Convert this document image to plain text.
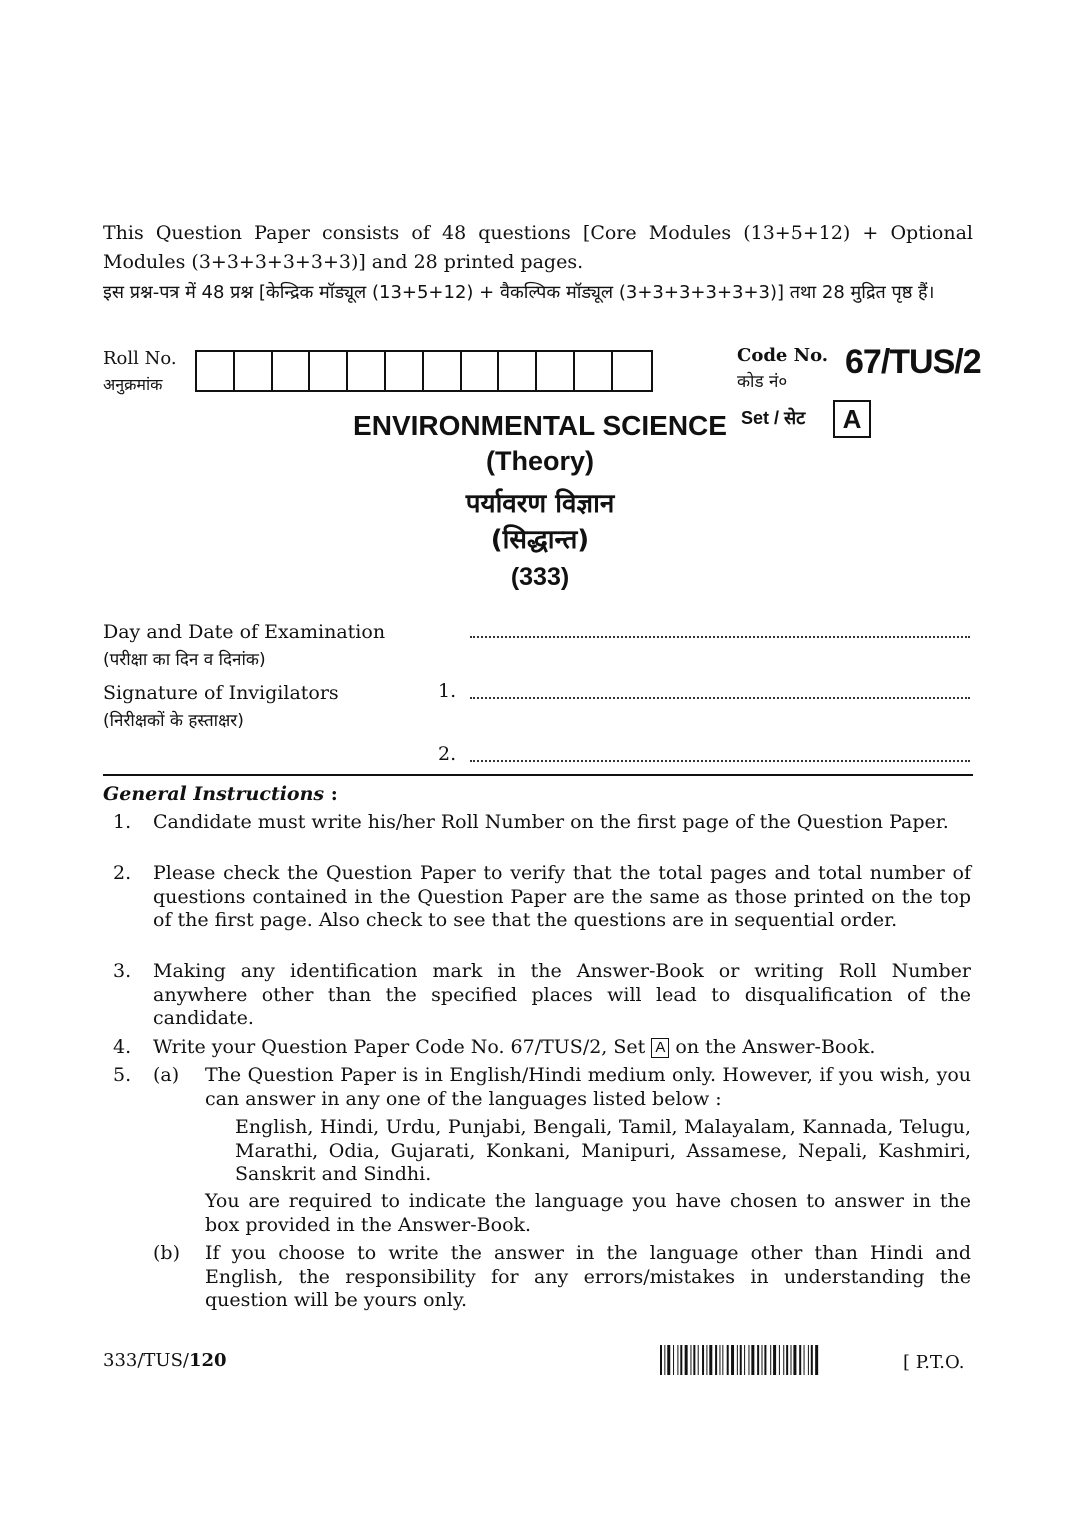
This Question Paper consists of 48 questions [Core Modules (13+5+12) + Optional Modules (3+3+3+3+3+3)] and 28 printed pages.
इस प्रश्न-पत्र में 48 प्रश्न [केन्द्रिक मॉड्यूल (13+5+12) + वैकल्पिक मॉड्यूल (3+3+3+3+3+3)] तथा 28 मुद्रित पृष्ठ हैं।
Roll No.
अनुक्रमांक
Code No.
कोड नं०
67/TUS/2
Set / सेट	A
ENVIRONMENTAL SCIENCE
(Theory)
पर्यावरण विज्ञान
(सिद्धान्त)
(333)
Day and Date of Examination
(परीक्षा का दिन व दिनांक)
Signature of Invigilators
(निरीक्षकों के हस्ताक्षर)
1.
2.
General Instructions :
1. Candidate must write his/her Roll Number on the first page of the Question Paper.
2. Please check the Question Paper to verify that the total pages and total number of questions contained in the Question Paper are the same as those printed on the top of the first page. Also check to see that the questions are in sequential order.
3. Making any identification mark in the Answer-Book or writing Roll Number anywhere other than the specified places will lead to disqualification of the candidate.
4. Write your Question Paper Code No. 67/TUS/2, Set A on the Answer-Book.
5. (a) The Question Paper is in English/Hindi medium only. However, if you wish, you can answer in any one of the languages listed below :
English, Hindi, Urdu, Punjabi, Bengali, Tamil, Malayalam, Kannada, Telugu, Marathi, Odia, Gujarati, Konkani, Manipuri, Assamese, Nepali, Kashmiri, Sanskrit and Sindhi.
You are required to indicate the language you have chosen to answer in the box provided in the Answer-Book.
(b) If you choose to write the answer in the language other than Hindi and English, the responsibility for any errors/mistakes in understanding the question will be yours only.
333/TUS/120	[ P.T.O.
